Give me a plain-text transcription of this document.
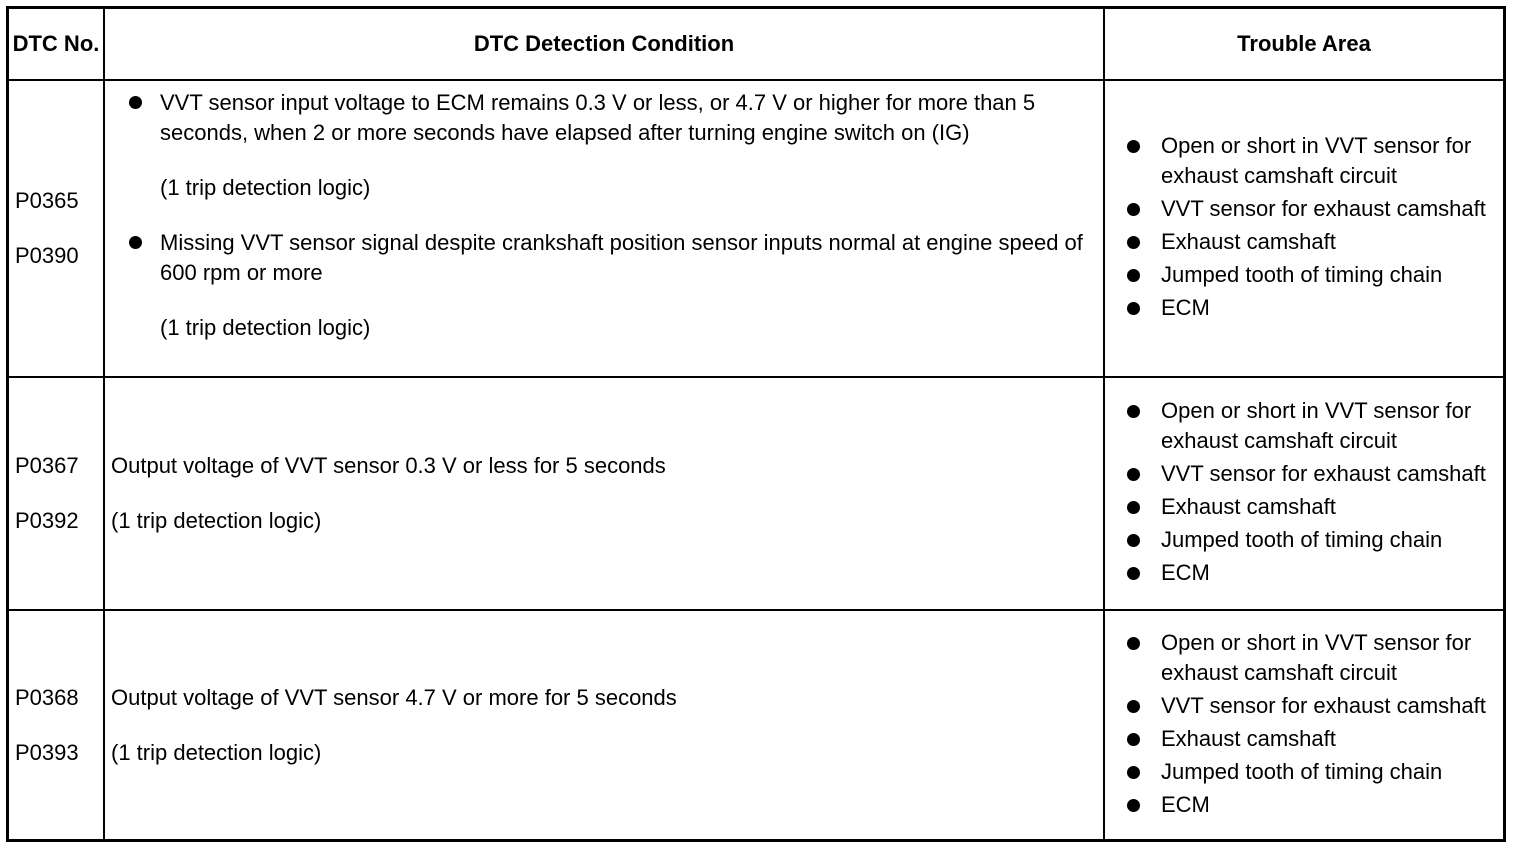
DTC No.	DTC Detection Condition	Trouble Area
P0365
P0390
VVT sensor input voltage to ECM remains 0.3 V or less, or 4.7 V or higher for more than 5 seconds, when 2 or more seconds have elapsed after turning engine switch on (IG)
(1 trip detection logic)
Missing VVT sensor signal despite crankshaft position sensor inputs normal at engine speed of 600 rpm or more
(1 trip detection logic)
Open or short in VVT sensor for exhaust camshaft circuit
VVT sensor for exhaust camshaft
Exhaust camshaft
Jumped tooth of timing chain
ECM
P0367
P0392
Output voltage of VVT sensor 0.3 V or less for 5 seconds
(1 trip detection logic)
Open or short in VVT sensor for exhaust camshaft circuit
VVT sensor for exhaust camshaft
Exhaust camshaft
Jumped tooth of timing chain
ECM
P0368
P0393
Output voltage of VVT sensor 4.7 V or more for 5 seconds
(1 trip detection logic)
Open or short in VVT sensor for exhaust camshaft circuit
VVT sensor for exhaust camshaft
Exhaust camshaft
Jumped tooth of timing chain
ECM
